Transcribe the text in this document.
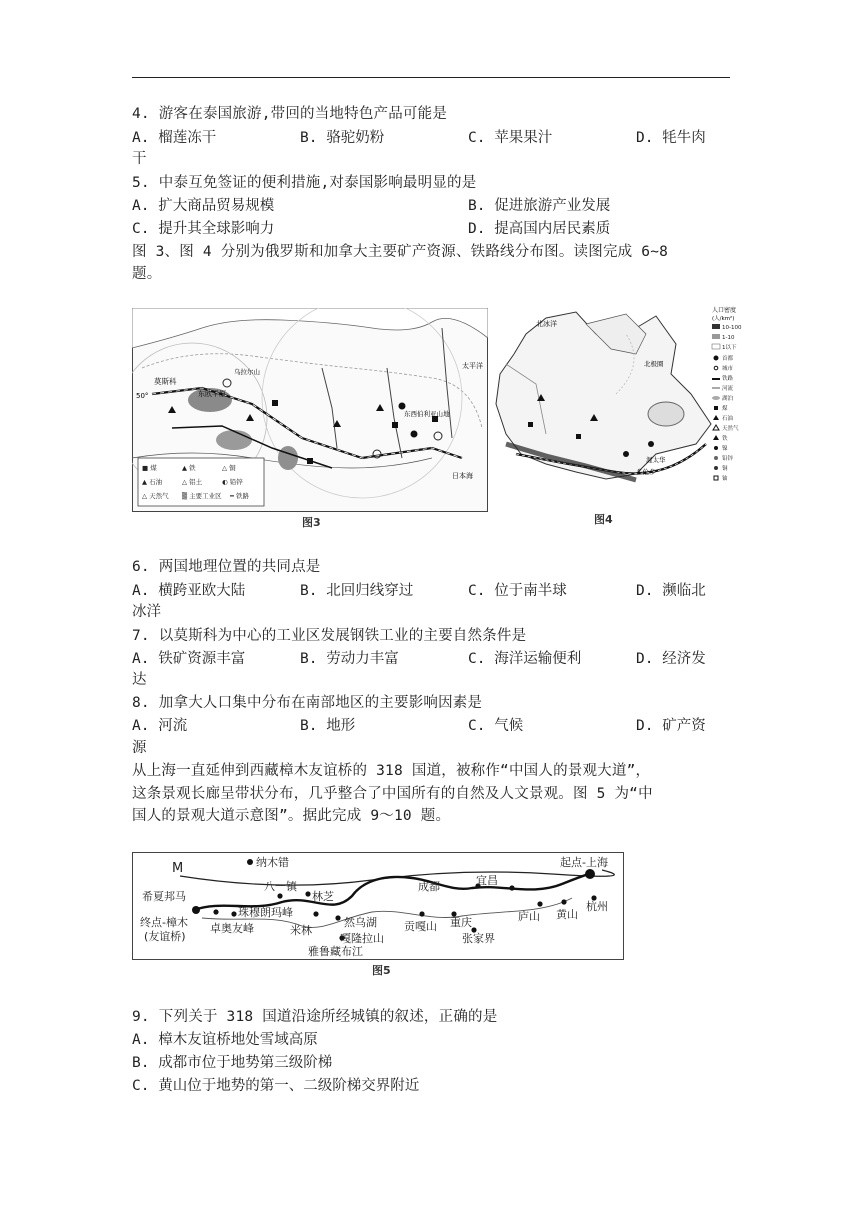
4. 游客在泰国旅游,带回的当地特色产品可能是
A. 榴莲冻干	B. 骆驼奶粉	C. 苹果果汁	D. 牦牛肉
干
5. 中泰互免签证的便利措施,对泰国影响最明显的是
A. 扩大商品贸易规模	B. 促进旅游产业发展
C. 提升其全球影响力	D. 提高国内居民素质
图 3、图 4 分别为俄罗斯和加拿大主要矿产资源、铁路线分布图。读图完成 6~8
题。
莫斯科
东欧平原
50°
乌拉尔山
东西伯利亚山地
太平洋
日本海
■ 煤	▲ 铁	△ 铜
▲ 石油	△ 铝土	◐ 铅锌
△ 天然气 ▒ 主要工业区 ━ 铁路
图3
北冰洋
北极圈
渥太华
多伦多
人口密度
(人/km²)
10-100
1-10
1以下
首都
城市
铁路
河流
湖泊
煤
石油
天然气
铁
镍
铅锌
铜
铀
图4
6. 两国地理位置的共同点是
A. 横跨亚欧大陆	B. 北回归线穿过	C. 位于南半球	D. 濒临北
冰洋
7. 以莫斯科为中心的工业区发展钢铁工业的主要自然条件是
A. 铁矿资源丰富	B. 劳动力丰富	C. 海洋运输便利	D. 经济发
达
8. 加拿大人口集中分布在南部地区的主要影响因素是
A. 河流	B. 地形	C. 气候	D. 矿产资
源
从上海一直延伸到西藏樟木友谊桥的 318 国道，被称作“中国人的景观大道”，
这条景观长廊呈带状分布，几乎整合了中国所有的自然及人文景观。图 5 为“中
国人的景观大道示意图”。据此完成 9～10 题。
M	纳木错	起点-上海
希夏邦马
八一镇
林芝
成都	宜昌
杭州
终点-樟木
(友谊桥)
珠穆朗玛峰
卓奥友峰	米林
然乌湖 贡嘎山 重庆	庐山 黄山
嘎隆拉山	张家界
雅鲁藏布江
图5
9. 下列关于 318 国道沿途所经城镇的叙述，正确的是
A. 樟木友谊桥地处雪域高原
B. 成都市位于地势第三级阶梯
C. 黄山位于地势的第一、二级阶梯交界附近
